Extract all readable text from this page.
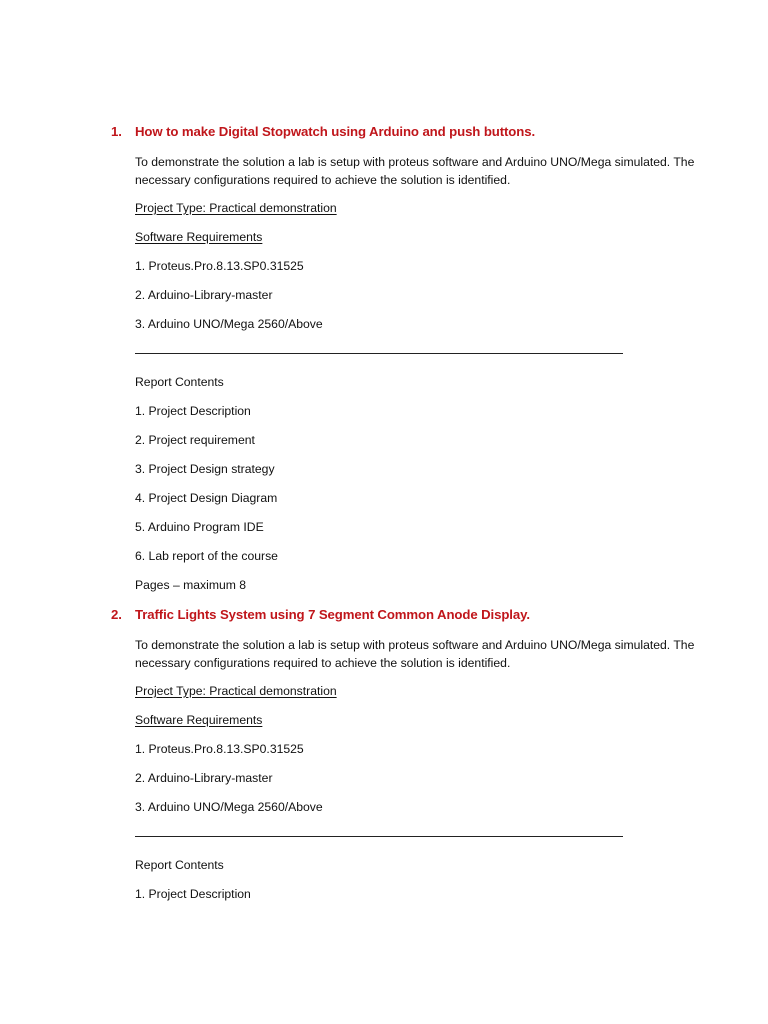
1. How to make Digital Stopwatch using Arduino and push buttons.
To demonstrate the solution a lab is setup with proteus software and Arduino UNO/Mega simulated. The necessary configurations required to achieve the solution is identified.
Project Type: Practical demonstration
Software Requirements
1. Proteus.Pro.8.13.SP0.31525
2. Arduino-Library-master
3. Arduino UNO/Mega 2560/Above
Report Contents
1. Project Description
2. Project requirement
3. Project Design strategy
4. Project Design Diagram
5. Arduino Program IDE
6. Lab report of the course
Pages – maximum 8
2. Traffic Lights System using 7 Segment Common Anode Display.
To demonstrate the solution a lab is setup with proteus software and Arduino UNO/Mega simulated. The necessary configurations required to achieve the solution is identified.
Project Type: Practical demonstration
Software Requirements
1. Proteus.Pro.8.13.SP0.31525
2. Arduino-Library-master
3. Arduino UNO/Mega 2560/Above
Report Contents
1. Project Description
